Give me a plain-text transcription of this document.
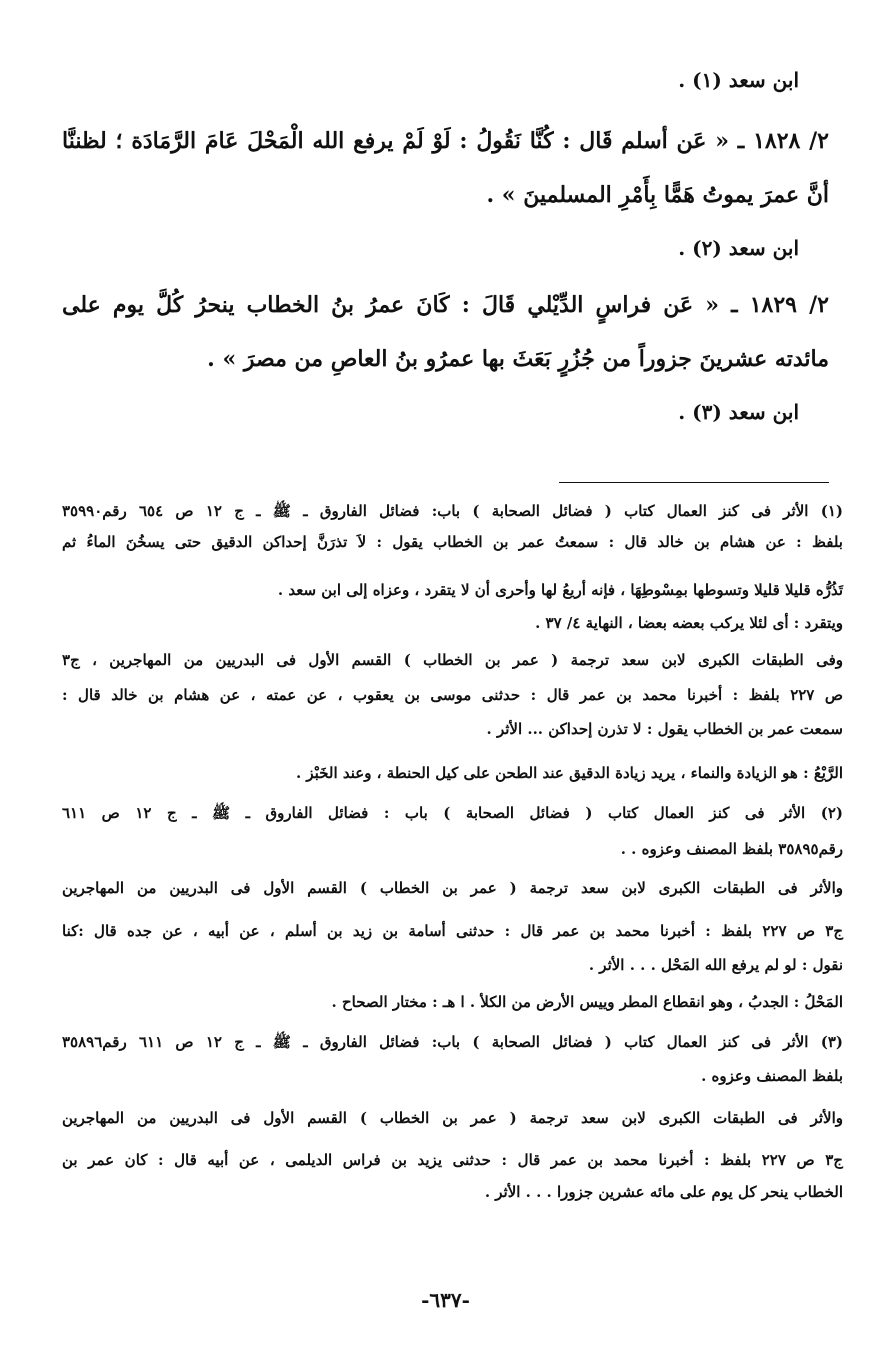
ابن سعد (١) .
٢/ ١٨٢٨ ـ « عَن أسلم قَال : كُنَّا نَقُولُ : لَوْ لَمْ يرفع الله الْمَحْلَ عَامَ الرَّمَادَة ؛ لظننَّا
أنَّ عمرَ يموتُ هَمًّا بِأَمْرِ المسلمينَ » .
ابن سعد (٢) .
٢/ ١٨٢٩ ـ « عَن فراسٍ الدِّيْلي قَالَ : كَانَ عمرُ بنُ الخطاب ينحرُ كُلَّ يوم على
مائدته عشرينَ جزوراً من جُزُرٍ بَعَثَ بها عمرُو بنُ العاصِ من مصرَ » .
ابن سعد (٣) .
(١) الأثر فى كنز العمال كتاب ( فضائل الصحابة ) باب: فضائل الفاروق ـ ﷺ ـ ج ١٢ ص ٦٥٤ رقم٣٥٩٩٠
بلفظ : عن هشام بن خالد قال : سمعتُ عمر بن الخطاب يقول : لاَ تذرَنَّ إحداكن الدقيق حتى يسخُنَ الماءُ ثم
تَذُرُّه قليلا قليلا وتسوطها بمِسْوطِهَا ، فإنه أريعُ لها وأحرى أن لا يتقرد ، وعزاه إلى ابن سعد .
ويتقرد : أى لئلا يركب بعضه بعضا ، النهاية ٤/ ٣٧ .
وفى الطبقات الكبرى لابن سعد ترجمة ( عمر بن الخطاب ) القسم الأول فى البدريين من المهاجرين ، ج٣
ص ٢٢٧ بلفظ : أخبرنا محمد بن عمر قال : حدثنى موسى بن يعقوب ، عن عمته ، عن هشام بن خالد قال :
سمعت عمر بن الخطاب يقول : لا تذرن إحداكن ... الأثر .
الرَّيْعُ : هو الزيادة والنماء ، يريد زيادة الدقيق عند الطحن على كيل الحنطة ، وعند الخَبْز .
(٢) الأثر فى كنز العمال كتاب ( فضائل الصحابة ) باب : فضائل الفاروق ـ ﷺ ـ ج ١٢ ص ٦١١
رقم٣٥٨٩٥ بلفظ المصنف وعزوه . .
والأثر فى الطبقات الكبرى لابن سعد ترجمة ( عمر بن الخطاب ) القسم الأول فى البدريين من المهاجرين
ج٣ ص ٢٢٧ بلفظ : أخبرنا محمد بن عمر قال : حدثنى أسامة بن زيد بن أسلم ، عن أبيه ، عن جده قال :كنا
نقول : لو لم يرفع الله المَحْل . . . الأثر .
المَحْلُ : الجدبُ ، وهو انقطاع المطر وييس الأرض من الكلأ . ا هـ : مختار الصحاح .
(٣) الأثر فى كنز العمال كتاب ( فضائل الصحابة ) باب: فضائل الفاروق ـ ﷺ ـ ج ١٢ ص ٦١١ رقم٣٥٨٩٦
بلفظ المصنف وعزوه .
والأثر فى الطبقات الكبرى لابن سعد ترجمة ( عمر بن الخطاب ) القسم الأول فى البدريين من المهاجرين
ج٣ ص ٢٢٧ بلفظ : أخبرنا محمد بن عمر قال : حدثنى يزيد بن فراس الديلمى ، عن أبيه قال : كان عمر بن
الخطاب ينحر كل يوم على مائه عشرين جزورا . . . الأثر .
-٦٣٧-
